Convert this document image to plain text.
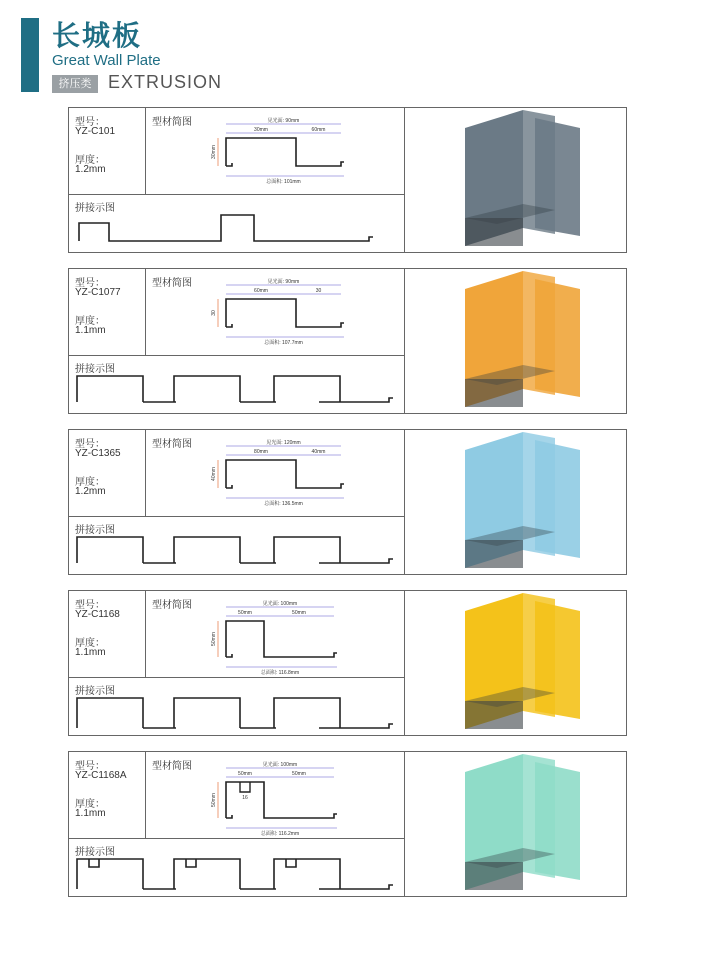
长城板
Great Wall Plate
挤压类 EXTRUSION
型号：
YZ-C101
厚度：
1.2mm
型材简图	见光面: 90mm
30mm	60mm
30mm
总面积: 101mm
拼接示图
型号：
YZ-C1077
厚度：
1.1mm
型材简图	见光面: 90mm
60mm	30
30
总面积: 107.7mm
拼接示图
型号：
YZ-C1365
厚度：
1.2mm
型材简图	见光面: 120mm
80mm	40mm
40mm
总面积: 136.5mm
拼接示图
型号：
YZ-C1168
厚度：
1.1mm
型材简图	见光面: 100mm
50mm	50mm
50mm
总面积: 116.8mm
拼接示图
型号：
YZ-C1168A
厚度：
1.1mm
型材简图	见光面: 100mm
50mm	50mm
50mm
总面积: 116.2mm
16
拼接示图
